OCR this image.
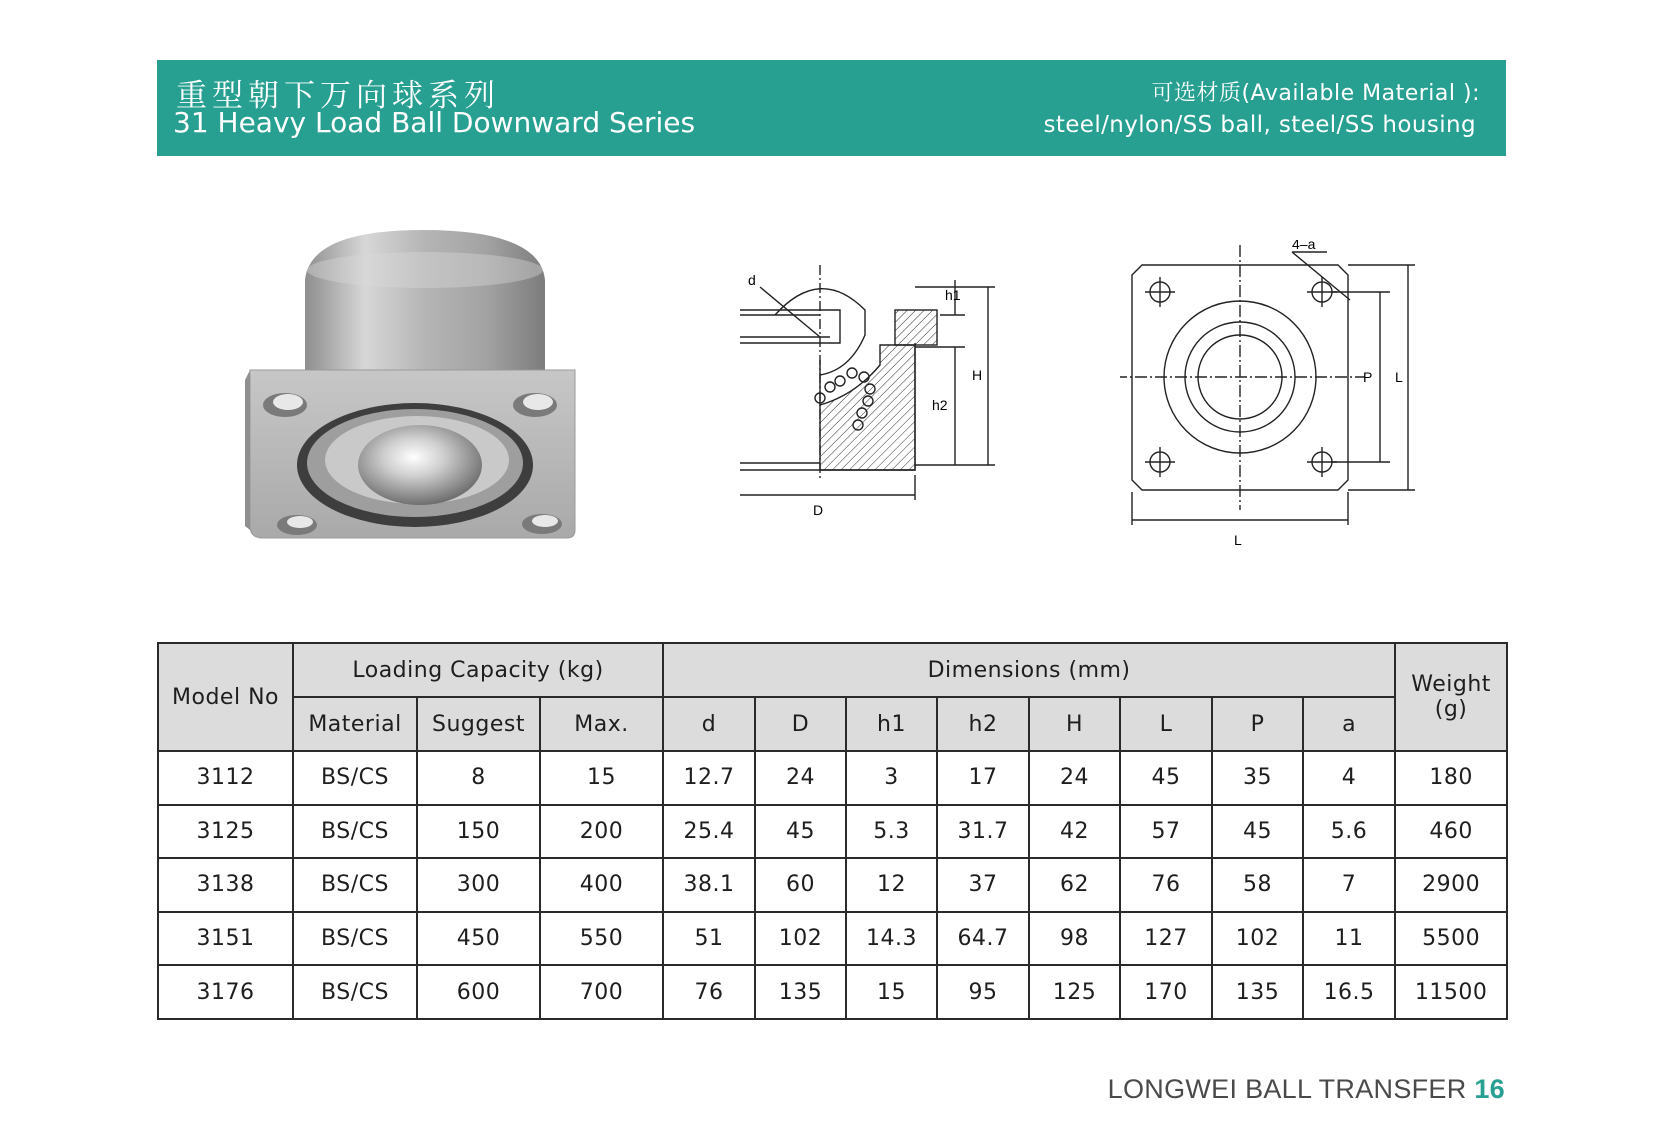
重型朝下万向球系列
31 Heavy Load Ball Downward Series
可选材质(Available Material ):
steel/nylon/SS ball, steel/SS housing
d
h1
h2
H
D
4–a
P L
L
Model No	Loading Capacity (kg)			Dimensions (mm)								Weight
(g)
	Material	Suggest	Max.	d	D	h1	h2	H	L	P	a	
3112	BS/CS	8	15	12.7	24	3	17	24	45	35	4	180
3125	BS/CS	150	200	25.4	45	5.3	31.7	42	57	45	5.6	460
3138	BS/CS	300	400	38.1	60	12	37	62	76	58	7	2900
3151	BS/CS	450	550	51	102	14.3	64.7	98	127	102	11	5500
3176	BS/CS	600	700	76	135	15	95	125	170	135	16.5	11500
LONGWEI BALL TRANSFER 16
